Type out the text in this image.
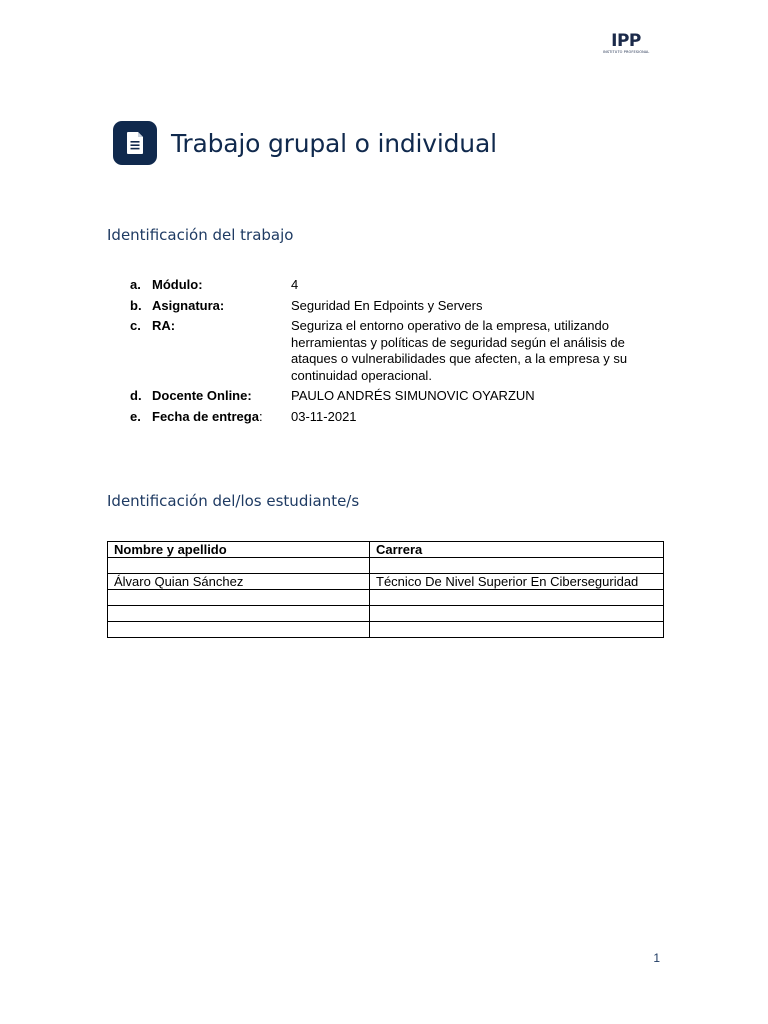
IPP
INSTITUTO PROFESIONAL
Trabajo grupal o individual
Identificación del trabajo
a. Módulo:	4
b. Asignatura:	Seguridad En Edpoints y Servers
c. RA:	Seguriza el entorno operativo de la empresa, utilizando herramientas y políticas de seguridad según el análisis de ataques o vulnerabilidades que afecten, a la empresa y su continuidad operacional.
d. Docente Online:	PAULO ANDRÉS SIMUNOVIC OYARZUN
e. Fecha de entrega:	03-11-2021
Identificación del/los estudiante/s
Nombre y apellido	Carrera

Álvaro Quian Sánchez	Técnico De Nivel Superior En Ciberseguridad

1
